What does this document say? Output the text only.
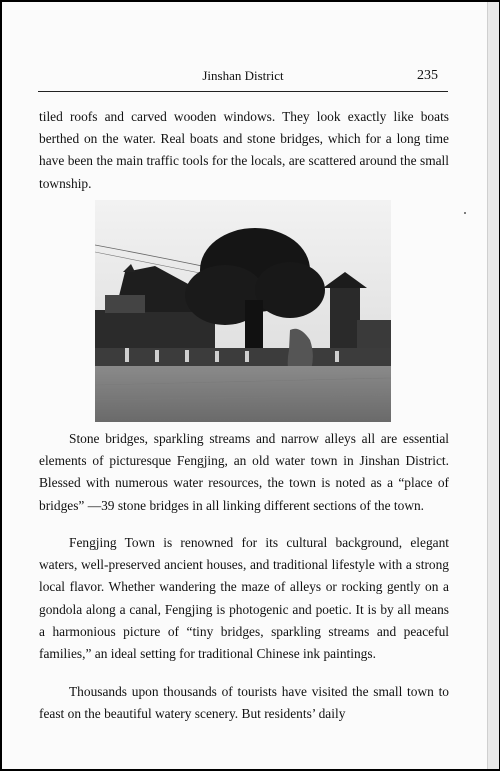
Jinshan District	235

tiled roofs and carved wooden windows. They look exactly like boats berthed on the water. Real boats and stone bridges, which for a long time have been the main traffic tools for the locals, are scattered around the small township.

Stone bridges, sparkling streams and narrow alleys all are essential elements of picturesque Fengjing, an old water town in Jinshan District. Blessed with numerous water resources, the town is noted as a “place of bridges” —39 stone bridges in all linking different sections of the town.

Fengjing Town is renowned for its cultural background, elegant waters, well-preserved ancient houses, and traditional lifestyle with a strong local flavor. Whether wandering the maze of alleys or rocking gently on a gondola along a canal, Fengjing is photogenic and poetic. It is by all means a harmonious picture of “tiny bridges, sparkling streams and peaceful families,” an ideal setting for traditional Chinese ink paintings.

Thousands upon thousands of tourists have visited the small town to feast on the beautiful watery scenery. But residents’ daily
